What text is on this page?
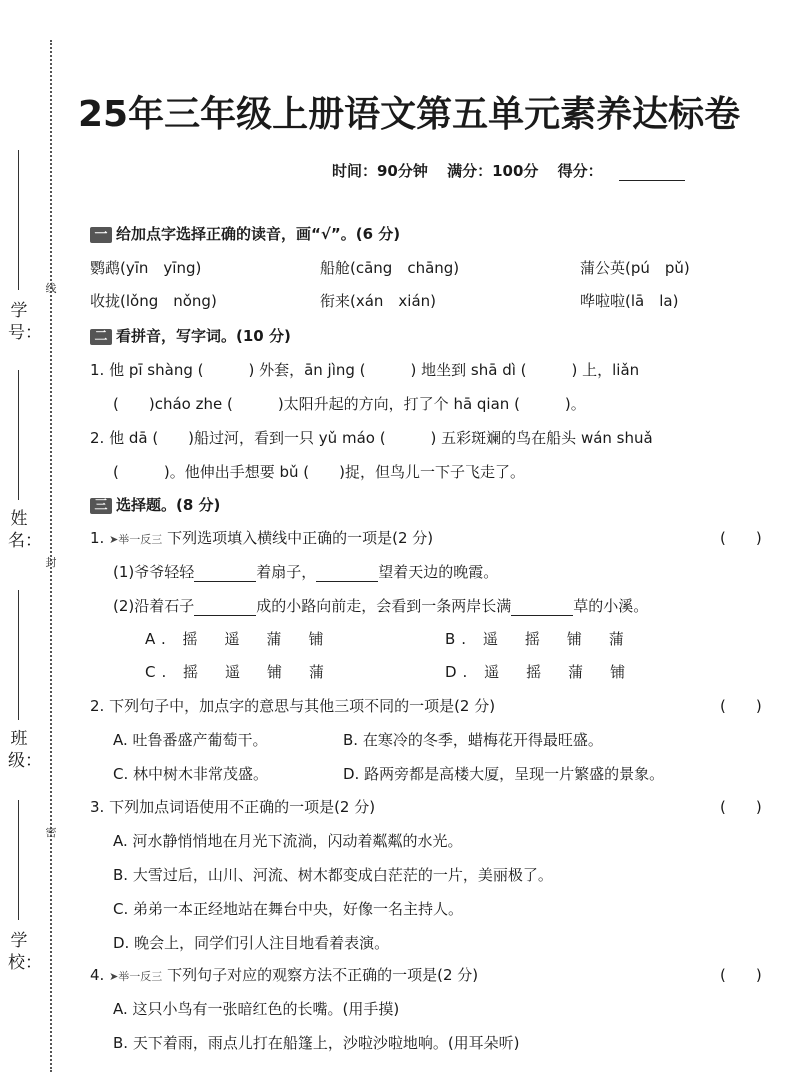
学号：
线
姓名：
封
班级：
密
学校：
25年三年级上册语文第五单元素养达标卷
时间：90分钟 满分：100分 得分：
一 给加点字选择正确的读音，画“√”。(6 分)
鹦鹉(yīn　yīng)	船舱(cāng　chāng)	蒲公英(pú　pǔ)
收拢(lǒng　nǒng)	衔来(xán　xián)	哗啦啦(lā　la)
二 看拼音，写字词。(10 分)
1. 他 pī shàng (　　　) 外套，ān jìng (　　　) 地坐到 shā dì (　　　) 上，liǎn
(　　)cháo zhe (　　　)太阳升起的方向，打了个 hā qian (　　　)。
2. 他 dā (　　)船过河，看到一只 yǔ máo (　　　) 五彩斑斓的鸟在船头 wán shuǎ
(　　　)。他伸出手想要 bǔ (　　)捉，但鸟儿一下子飞走了。
三 选择题。(8 分)
1. ➤举一反三 下列选项填入横线中正确的一项是(2 分)	(　　)
(1)爷爷轻轻	着扇子，	望着天边的晚霞。
(2)沿着石子	成的小路向前走，会看到一条两岸长满	草的小溪。
A. 摇　遥　蒲　铺	B. 遥　摇　铺　蒲
C. 摇　遥　铺　蒲	D. 遥　摇　蒲　铺
2. 下列句子中，加点字的意思与其他三项不同的一项是(2 分)	(　　)
A. 吐鲁番盛产葡萄干。	B. 在寒冷的冬季，蜡梅花开得最旺盛。
C. 林中树木非常茂盛。	D. 路两旁都是高楼大厦，呈现一片繁盛的景象。
3. 下列加点词语使用不正确的一项是(2 分)	(　　)
A. 河水静悄悄地在月光下流淌，闪动着粼粼的水光。
B. 大雪过后，山川、河流、树木都变成白茫茫的一片，美丽极了。
C. 弟弟一本正经地站在舞台中央，好像一名主持人。
D. 晚会上，同学们引人注目地看着表演。
4. ➤举一反三 下列句子对应的观察方法不正确的一项是(2 分)	(　　)
A. 这只小鸟有一张暗红色的长嘴。(用手摸)
B. 天下着雨，雨点儿打在船篷上，沙啦沙啦地响。(用耳朵听)
